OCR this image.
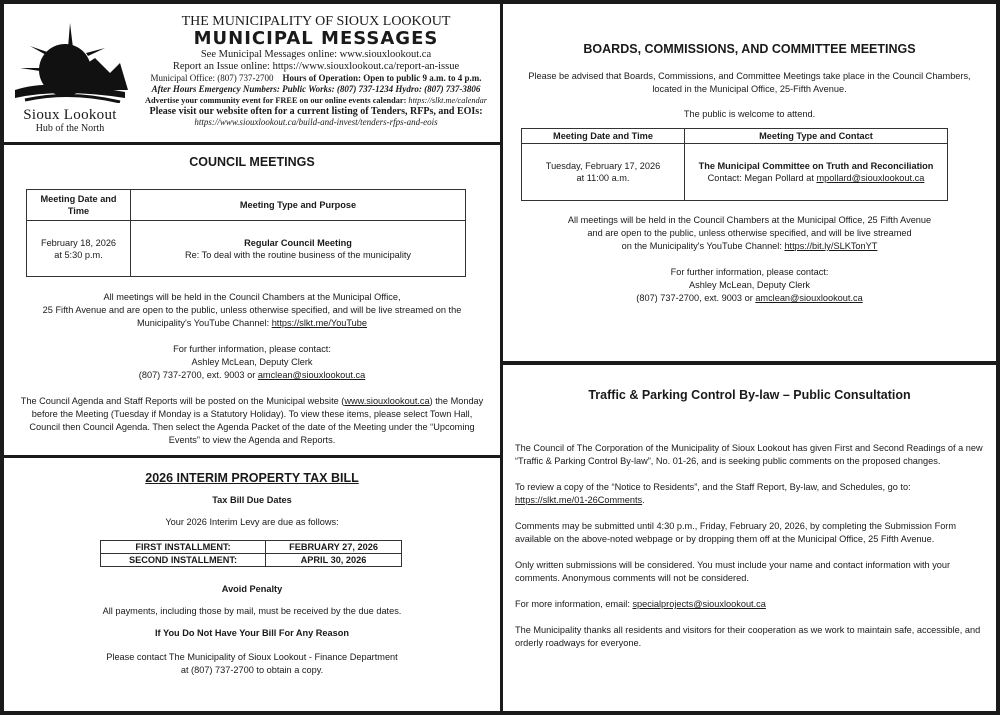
Sioux Lookout
Hub of the North
THE MUNICIPALITY OF SIOUX LOOKOUT
MUNICIPAL MESSAGES
See Municipal Messages online: www.siouxlookout.ca
Report an Issue online: https://www.siouxlookout.ca/report-an-issue
Municipal Office: (807) 737-2700 Hours of Operation: Open to public 9 a.m. to 4 p.m.
After Hours Emergency Numbers: Public Works: (807) 737-1234 Hydro: (807) 737-3806
Advertise your community event for FREE on our online events calendar: https://slkt.me/calendar
Please visit our website often for a current listing of Tenders, RFPs, and EOIs:
https://www.siouxlookout.ca/build-and-invest/tenders-rfps-and-eois
COUNCIL MEETINGS
Meeting Date and Time	Meeting Type and Purpose
February 18, 2026
at 5:30 p.m.	Regular Council Meeting
Re: To deal with the routine business of the municipality

All meetings will be held in the Council Chambers at the Municipal Office,

25 Fifth Avenue and are open to the public, unless otherwise specified, and will be live streamed on the

Municipality's YouTube Channel: https://slkt.me/YouTube

For further information, please contact:

Ashley McLean, Deputy Clerk

(807) 737-2700, ext. 9003 or amclean@siouxlookout.ca

The Council Agenda and Staff Reports will be posted on the Municipal website (www.siouxlookout.ca) the Monday before the Meeting (Tuesday if Monday is a Statutory Holiday). To view these items, please select Town Hall, Council then Council Agenda. Then select the Agenda Packet of the date of the Meeting under the “Upcoming Events” to view the Agenda and Reports.

2026 INTERIM PROPERTY TAX BILL

Tax Bill Due Dates

Your 2026 Interim Levy are due as follows:

FIRST INSTALLMENT:	FEBRUARY 27, 2026
SECOND INSTALLMENT:	APRIL 30, 2026

Avoid Penalty

All payments, including those by mail, must be received by the due dates.

If You Do Not Have Your Bill For Any Reason

Please contact The Municipality of Sioux Lookout - Finance Department

at (807) 737-2700 to obtain a copy.

BOARDS, COMMISSIONS, AND COMMITTEE MEETINGS

Please be advised that Boards, Commissions, and Committee Meetings take place in the Council Chambers,

located in the Municipal Office, 25-Fifth Avenue.

The public is welcome to attend.

Meeting Date and Time	Meeting Type and Contact
Tuesday, February 17, 2026
at 11:00 a.m.	The Municipal Committee on Truth and Reconciliation
Contact: Megan Pollard at mpollard@siouxlookout.ca

All meetings will be held in the Council Chambers at the Municipal Office, 25 Fifth Avenue

and are open to the public, unless otherwise specified, and will be live streamed

on the Municipality's YouTube Channel: https://bit.ly/SLKTonYT

For further information, please contact:

Ashley McLean, Deputy Clerk

(807) 737-2700, ext. 9003 or amclean@siouxlookout.ca

Traffic & Parking Control By-law – Public Consultation

The Council of The Corporation of the Municipality of Sioux Lookout has given First and Second Readings of a new “Traffic & Parking Control By-law”, No. 01-26, and is seeking public comments on the proposed changes.

To review a copy of the “Notice to Residents”, and the Staff Report, By-law, and Schedules, go to:

https://slkt.me/01-26Comments.

Comments may be submitted until 4:30 p.m., Friday, February 20, 2026, by completing the Submission Form available on the above-noted webpage or by dropping them off at the Municipal Office, 25 Fifth Avenue.

Only written submissions will be considered. You must include your name and contact information with your comments. Anonymous comments will not be considered.

For more information, email: specialprojects@siouxlookout.ca

The Municipality thanks all residents and visitors for their cooperation as we work to maintain safe, accessible, and orderly roadways for everyone.
